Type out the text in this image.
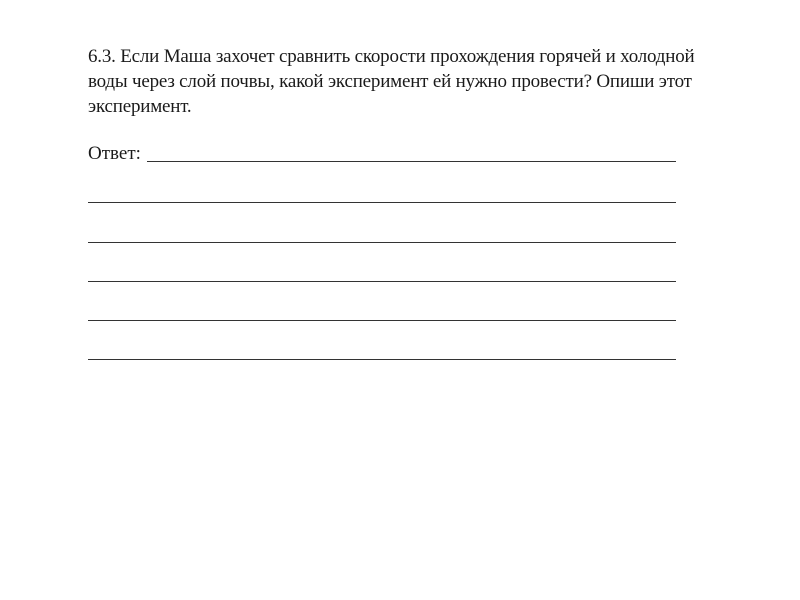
6.3. Если Маша захочет сравнить скорости прохождения горячей и холодной воды через слой почвы, какой эксперимент ей нужно провести? Опиши этот эксперимент.

Ответ:
